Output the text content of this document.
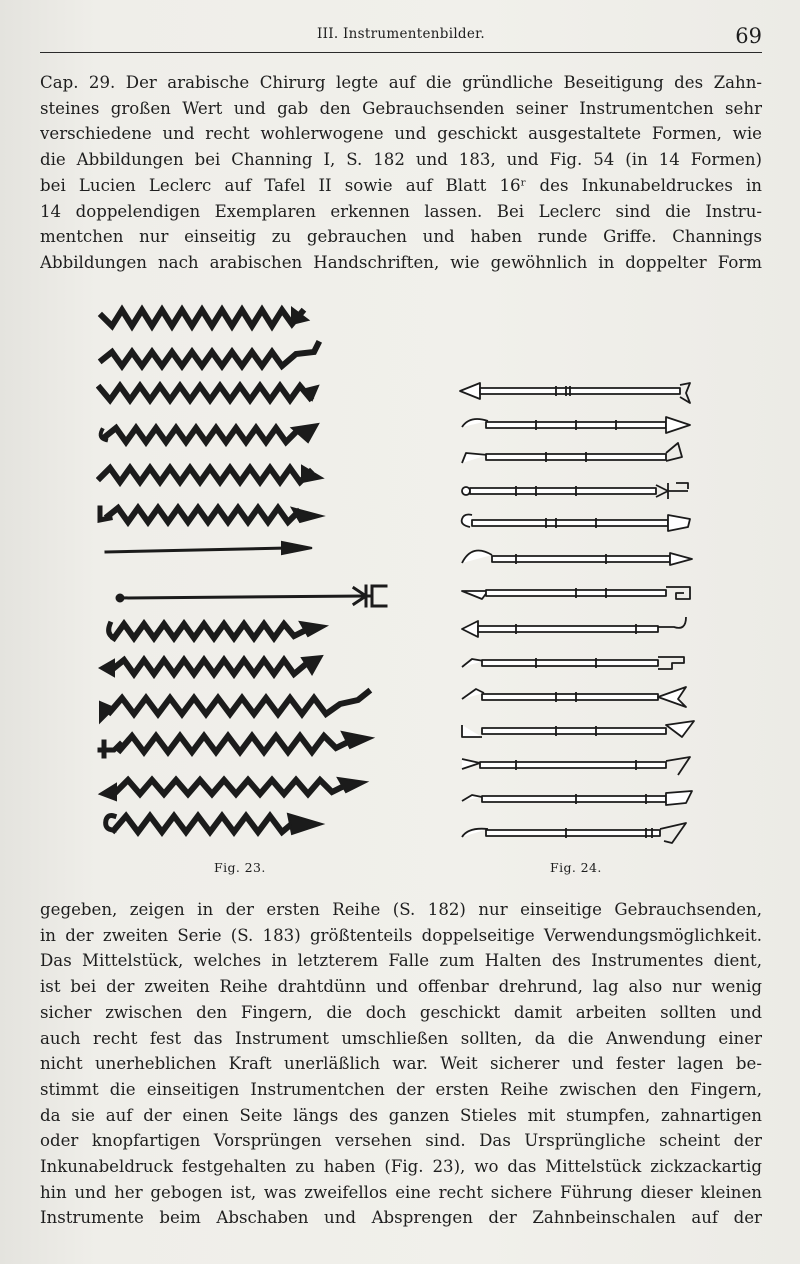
III. Instrumentenbilder.	69

Cap. 29. Der arabische Chirurg legte auf die gründliche Beseitigung des Zahn-
steines großen Wert und gab den Gebrauchsenden seiner Instrumentchen sehr
verschiedene und recht wohlerwogene und geschickt ausgestaltete Formen, wie
die Abbildungen bei Channing I, S. 182 und 183, und Fig. 54 (in 14 Formen)
bei Lucien Leclerc auf Tafel II sowie auf Blatt 16ʳ des Inkunabeldruckes in
14 doppelendigen Exemplaren erkennen lassen. Bei Leclerc sind die Instru-
mentchen nur einseitig zu gebrauchen und haben runde Griffe. Channings
Abbildungen nach arabischen Handschriften, wie gewöhnlich in doppelter Form

Fig. 23.	Fig. 24.

gegeben, zeigen in der ersten Reihe (S. 182) nur einseitige Gebrauchsenden,
in der zweiten Serie (S. 183) größtenteils doppelseitige Verwendungsmöglichkeit.
Das Mittelstück, welches in letzterem Falle zum Halten des Instrumentes dient,
ist bei der zweiten Reihe drahtdünn und offenbar drehrund, lag also nur wenig
sicher zwischen den Fingern, die doch geschickt damit arbeiten sollten und
auch recht fest das Instrument umschließen sollten, da die Anwendung einer
nicht unerheblichen Kraft unerläßlich war. Weit sicherer und fester lagen be-
stimmt die einseitigen Instrumentchen der ersten Reihe zwischen den Fingern,
da sie auf der einen Seite längs des ganzen Stieles mit stumpfen, zahnartigen
oder knopfartigen Vorsprüngen versehen sind. Das Ursprüngliche scheint der
Inkunabeldruck festgehalten zu haben (Fig. 23), wo das Mittelstück zickzackartig
hin und her gebogen ist, was zweifellos eine recht sichere Führung dieser kleinen
Instrumente beim Abschaben und Absprengen der Zahnbeinschalen auf der
